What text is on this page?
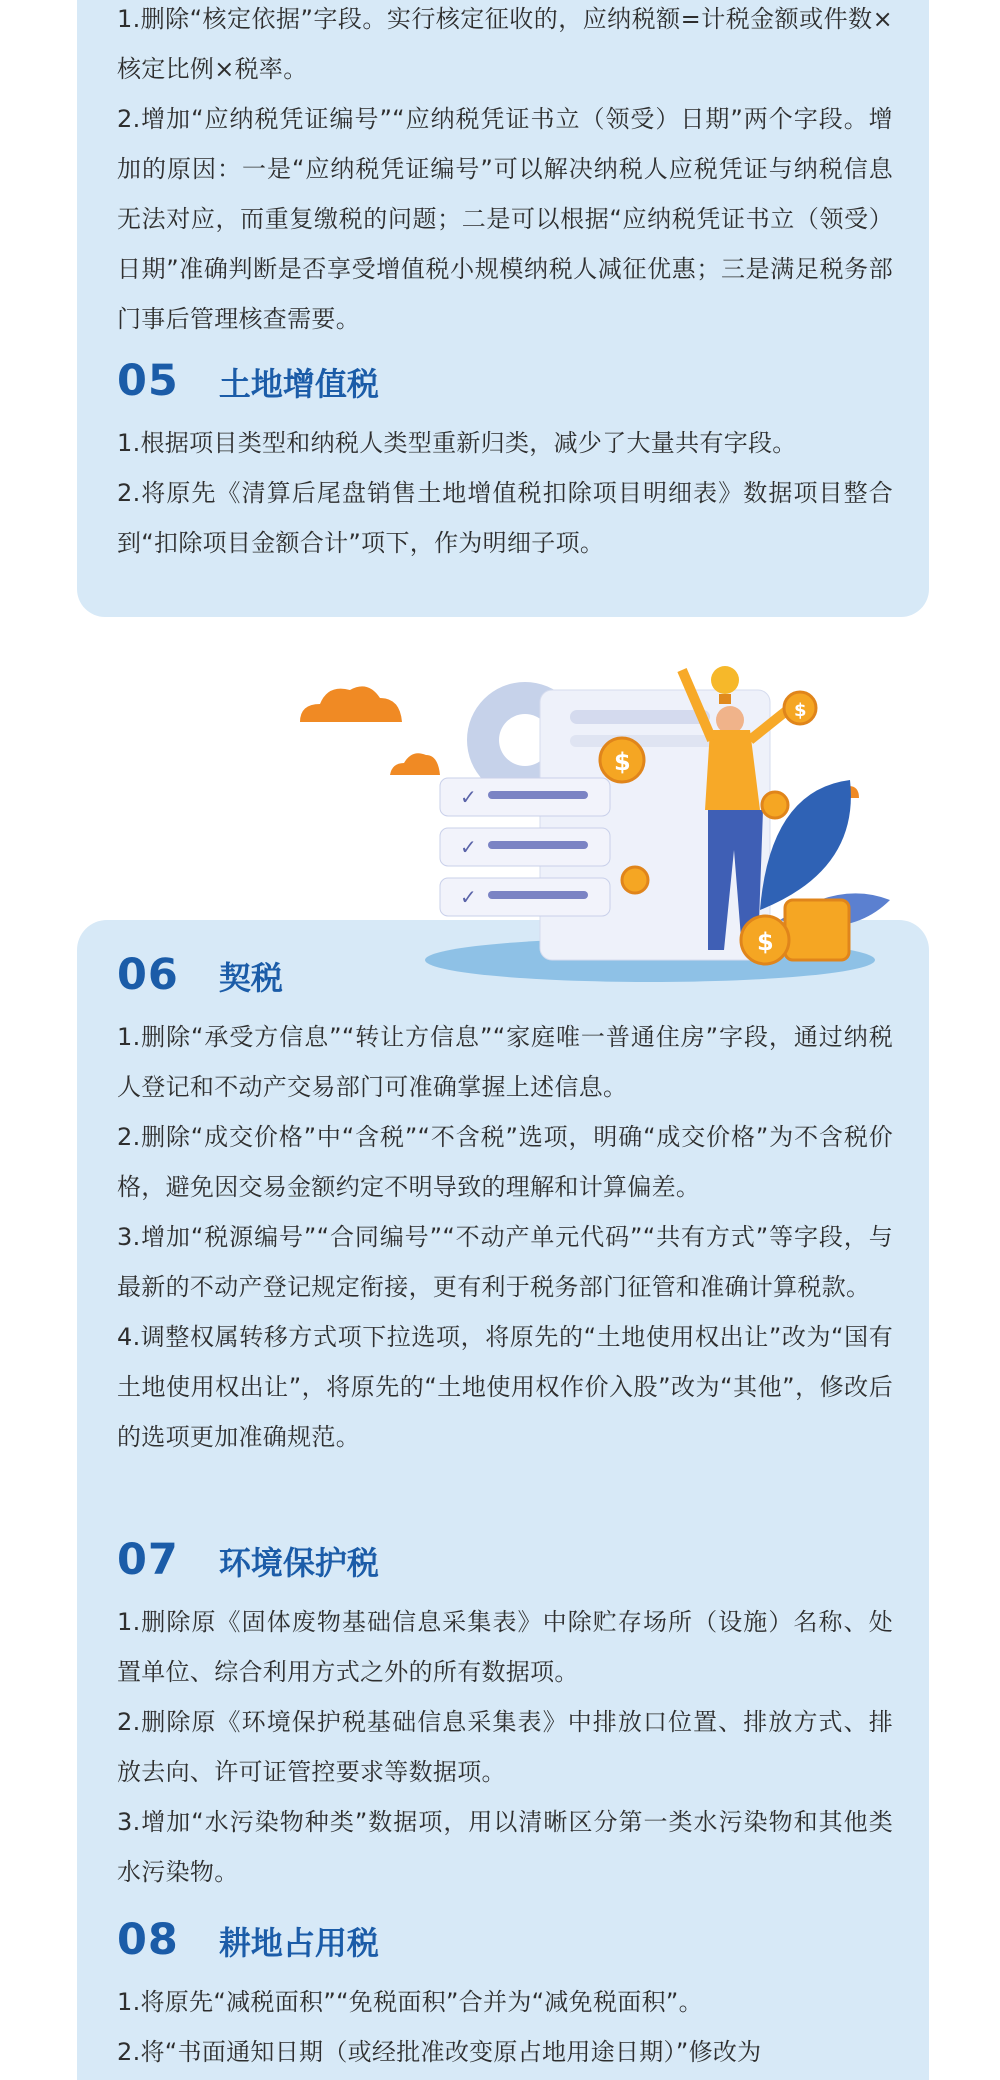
1.删除“核定依据”字段。实行核定征收的，应纳税额=计税金额或件数×核定比例×税率。

2.增加“应纳税凭证编号”“应纳税凭证书立（领受）日期”两个字段。增加的原因：一是“应纳税凭证编号”可以解决纳税人应税凭证与纳税信息无法对应，而重复缴税的问题；二是可以根据“应纳税凭证书立（领受）日期”准确判断是否享受增值税小规模纳税人减征优惠；三是满足税务部门事后管理核查需要。

05 土地增值税

1.根据项目类型和纳税人类型重新归类，减少了大量共有字段。

2.将原先《清算后尾盘销售土地增值税扣除项目明细表》数据项目整合到“扣除项目金额合计”项下，作为明细子项。

✓
✓
✓
$
$
$
06 契税

1.删除“承受方信息”“转让方信息”“家庭唯一普通住房”字段，通过纳税人登记和不动产交易部门可准确掌握上述信息。

2.删除“成交价格”中“含税”“不含税”选项，明确“成交价格”为不含税价格，避免因交易金额约定不明导致的理解和计算偏差。

3.增加“税源编号”“合同编号”“不动产单元代码”“共有方式”等字段，与最新的不动产登记规定衔接，更有利于税务部门征管和准确计算税款。

4.调整权属转移方式项下拉选项，将原先的“土地使用权出让”改为“国有土地使用权出让”，将原先的“土地使用权作价入股”改为“其他”，修改后的选项更加准确规范。

07 环境保护税

1.删除原《固体废物基础信息采集表》中除贮存场所（设施）名称、处置单位、综合利用方式之外的所有数据项。

2.删除原《环境保护税基础信息采集表》中排放口位置、排放方式、排放去向、许可证管控要求等数据项。

3.增加“水污染物种类”数据项，用以清晰区分第一类水污染物和其他类水污染物。

08 耕地占用税

1.将原先“减税面积”“免税面积”合并为“减免税面积”。

2.将“书面通知日期（或经批准改变原占地用途日期）”修改为
